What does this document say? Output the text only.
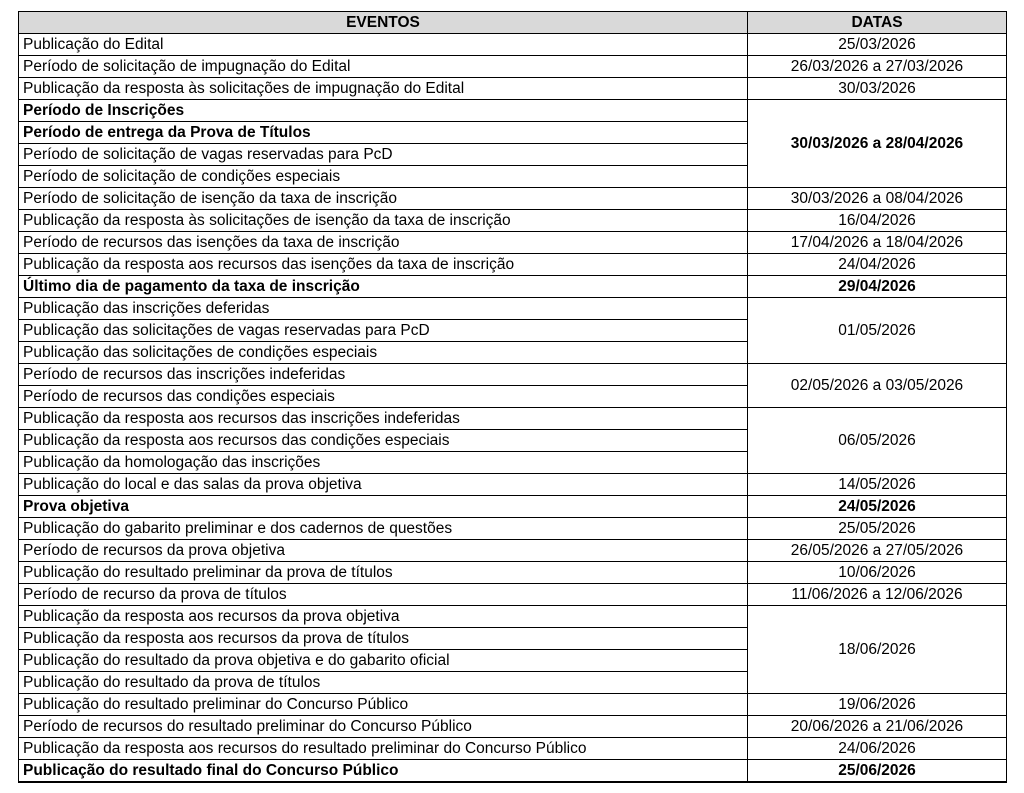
EVENTOS	DATAS
Publicação do Edital	25/03/2026
Período de solicitação de impugnação do Edital	26/03/2026 a 27/03/2026
Publicação da resposta às solicitações de impugnação do Edital	30/03/2026
Período de Inscrições	30/03/2026 a 28/04/2026
Período de entrega da Prova de Títulos	
Período de solicitação de vagas reservadas para PcD	
Período de solicitação de condições especiais	
Período de solicitação de isenção da taxa de inscrição	30/03/2026 a 08/04/2026
Publicação da resposta às solicitações de isenção da taxa de inscrição	16/04/2026
Período de recursos das isenções da taxa de inscrição	17/04/2026 a 18/04/2026
Publicação da resposta aos recursos das isenções da taxa de inscrição	24/04/2026
Último dia de pagamento da taxa de inscrição	29/04/2026
Publicação das inscrições deferidas	01/05/2026
Publicação das solicitações de vagas reservadas para PcD	
Publicação das solicitações de condições especiais	
Período de recursos das inscrições indeferidas	02/05/2026 a 03/05/2026
Período de recursos das condições especiais	
Publicação da resposta aos recursos das inscrições indeferidas	06/05/2026
Publicação da resposta aos recursos das condições especiais	
Publicação da homologação das inscrições	
Publicação do local e das salas da prova objetiva	14/05/2026
Prova objetiva	24/05/2026
Publicação do gabarito preliminar e dos cadernos de questões	25/05/2026
Período de recursos da prova objetiva	26/05/2026 a 27/05/2026
Publicação do resultado preliminar da prova de títulos	10/06/2026
Período de recurso da prova de títulos	11/06/2026 a 12/06/2026
Publicação da resposta aos recursos da prova objetiva	18/06/2026
Publicação da resposta aos recursos da prova de títulos	
Publicação do resultado da prova objetiva e do gabarito oficial	
Publicação do resultado da prova de títulos	
Publicação do resultado preliminar do Concurso Público	19/06/2026
Período de recursos do resultado preliminar do Concurso Público	20/06/2026 a 21/06/2026
Publicação da resposta aos recursos do resultado preliminar do Concurso Público	24/06/2026
Publicação do resultado final do Concurso Público	25/06/2026
